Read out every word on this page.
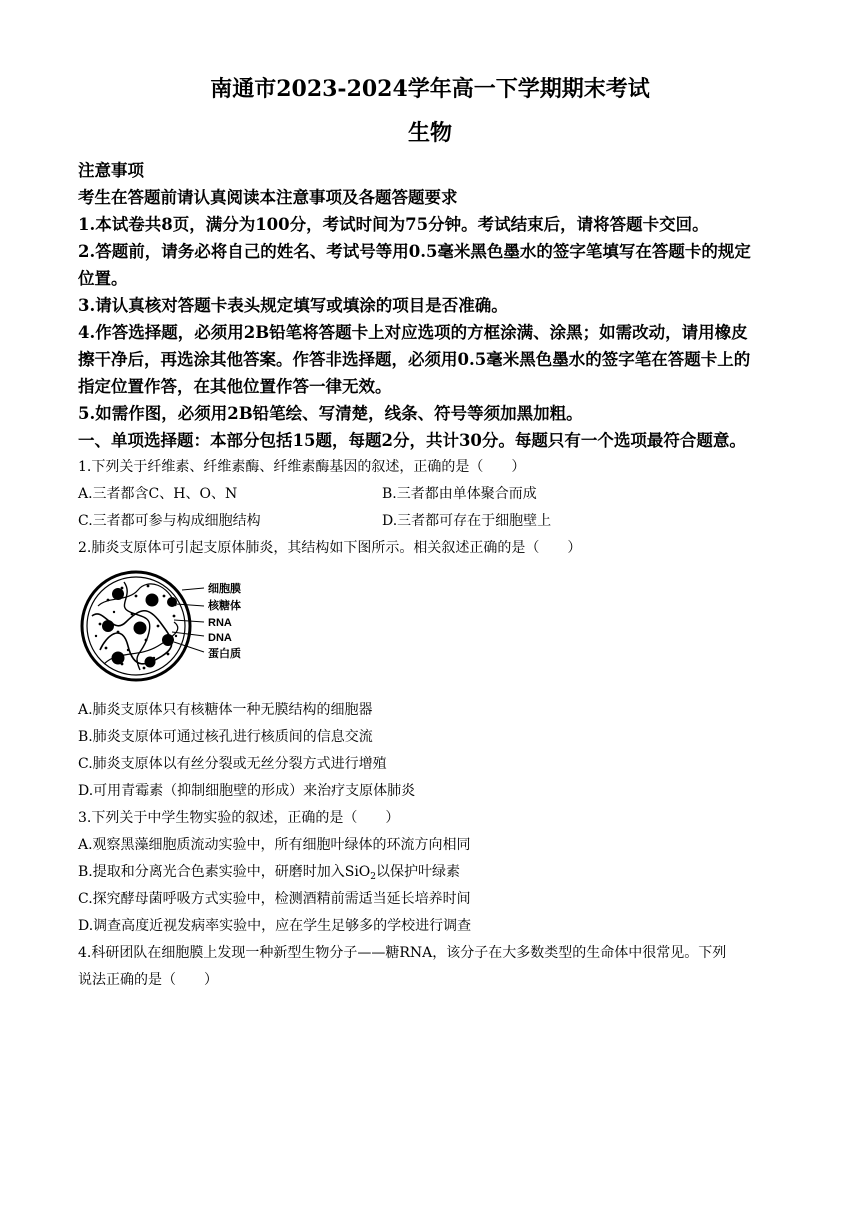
南通市2023-2024学年高一下学期期末考试
生物
注意事项
考生在答题前请认真阅读本注意事项及各题答题要求
1.本试卷共8页，满分为100分，考试时间为75分钟。考试结束后，请将答题卡交回。
2.答题前，请务必将自己的姓名、考试号等用0.5毫米黑色墨水的签字笔填写在答题卡的规定
位置。
3.请认真核对答题卡表头规定填写或填涂的项目是否准确。
4.作答选择题，必须用2B铅笔将答题卡上对应选项的方框涂满、涂黑；如需改动，请用橡皮
擦干净后，再选涂其他答案。作答非选择题，必须用0.5毫米黑色墨水的签字笔在答题卡上的
指定位置作答，在其他位置作答一律无效。
5.如需作图，必须用2B铅笔绘、写清楚，线条、符号等须加黑加粗。
一、单项选择题：本部分包括15题，每题2分，共计30分。每题只有一个选项最符合题意。
1.下列关于纤维素、纤维素酶、纤维素酶基因的叙述，正确的是（　　）
A.三者都含C、H、O、N	B.三者都由单体聚合而成
C.三者都可参与构成细胞结构	D.三者都可存在于细胞壁上
2.肺炎支原体可引起支原体肺炎，其结构如下图所示。相关叙述正确的是（　　）
细胞膜
核糖体
RNA
DNA
蛋白质
A.肺炎支原体只有核糖体一种无膜结构的细胞器
B.肺炎支原体可通过核孔进行核质间的信息交流
C.肺炎支原体以有丝分裂或无丝分裂方式进行增殖
D.可用青霉素（抑制细胞壁的形成）来治疗支原体肺炎
3.下列关于中学生物实验的叙述，正确的是（　　）
A.观察黑藻细胞质流动实验中，所有细胞叶绿体的环流方向相同
B.提取和分离光合色素实验中，研磨时加入SiO$_2$以保护叶绿素
C.探究酵母菌呼吸方式实验中，检测酒精前需适当延长培养时间
D.调查高度近视发病率实验中，应在学生足够多的学校进行调查
4.科研团队在细胞膜上发现一种新型生物分子——糖RNA，该分子在大多数类型的生命体中很常见。下列
说法正确的是（　　）
